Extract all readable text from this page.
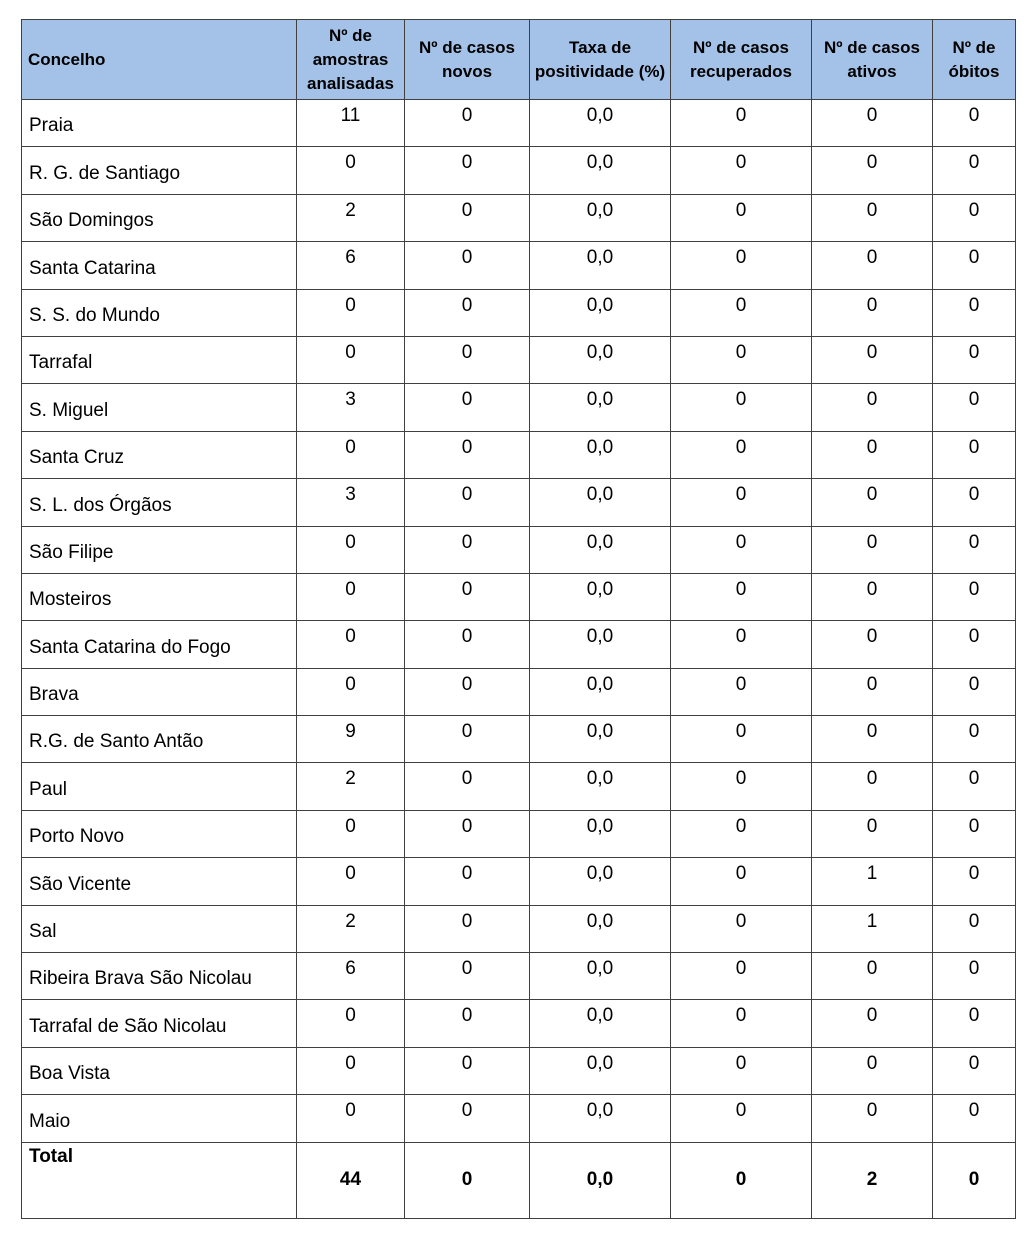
Concelho	Nº de amostras analisadas	Nº de casos novos	Taxa de positividade (%)	Nº de casos recuperados	Nº de casos ativos	Nº de óbitos
Praia	11	0	0,0	0	0	0
R. G. de Santiago	0	0	0,0	0	0	0
São Domingos	2	0	0,0	0	0	0
Santa Catarina	6	0	0,0	0	0	0
S. S. do Mundo	0	0	0,0	0	0	0
Tarrafal	0	0	0,0	0	0	0
S. Miguel	3	0	0,0	0	0	0
Santa Cruz	0	0	0,0	0	0	0
S. L. dos Órgãos	3	0	0,0	0	0	0
São Filipe	0	0	0,0	0	0	0
Mosteiros	0	0	0,0	0	0	0
Santa Catarina do Fogo	0	0	0,0	0	0	0
Brava	0	0	0,0	0	0	0
R.G. de Santo Antão	9	0	0,0	0	0	0
Paul	2	0	0,0	0	0	0
Porto Novo	0	0	0,0	0	0	0
São Vicente	0	0	0,0	0	1	0
Sal	2	0	0,0	0	1	0
Ribeira Brava São Nicolau	6	0	0,0	0	0	0
Tarrafal de São Nicolau	0	0	0,0	0	0	0
Boa Vista	0	0	0,0	0	0	0
Maio	0	0	0,0	0	0	0
Total	44	0	0,0	0	2	0
